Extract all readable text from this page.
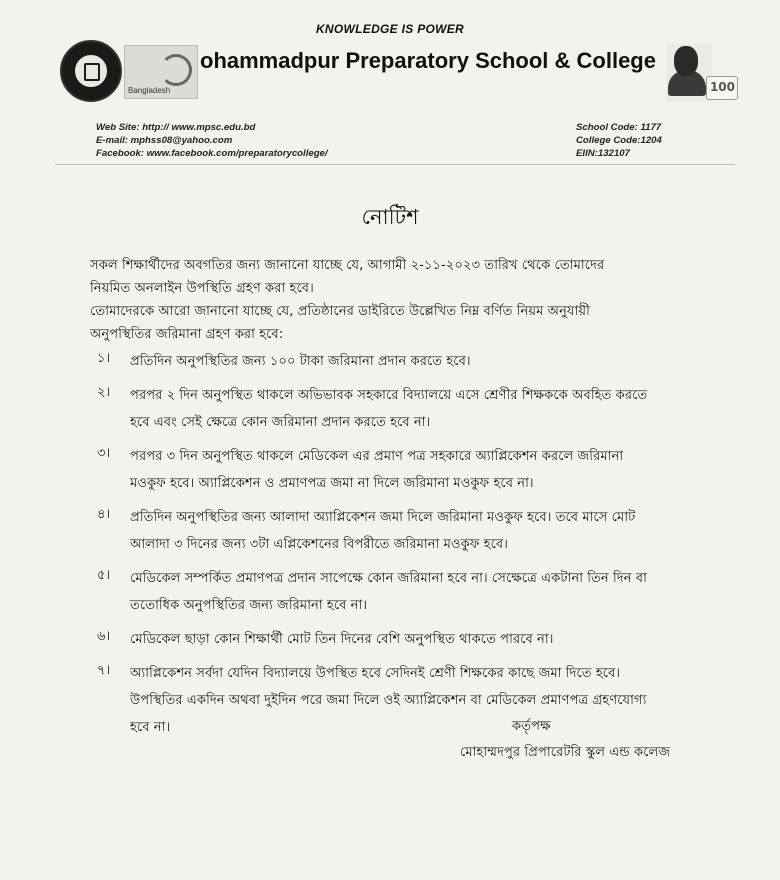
KNOWLEDGE IS POWER
Bangladesh
ohammadpur Preparatory School & College
100
Web Site: http:// www.mpsc.edu.bd
E-mail: mphss08@yahoo.com
Facebook: www.facebook.com/preparatorycollege/
School Code: 1177
College Code:1204
EIIN:132107
নোটিশ
সকল শিক্ষার্থীদের অবগতির জন্য জানানো যাচ্ছে যে, আগামী ২-১১-২০২৩ তারিখ থেকে তোমাদের
নিয়মিত অনলাইন উপস্থিতি গ্রহণ করা হবে।
তোমাদেরকে আরো জানানো যাচ্ছে যে, প্রতিষ্ঠানের ডাইরিতে উল্লেখিত নিম্ন বর্ণিত নিয়ম অনুযায়ী
অনুপস্থিতির জরিমানা গ্রহণ করা হবে:
১। প্রতিদিন অনুপস্থিতির জন্য ১০০ টাকা জরিমানা প্রদান করতে হবে।
২। পরপর ২ দিন অনুপস্থিত থাকলে অভিভাবক সহকারে বিদ্যালয়ে এসে শ্রেণীর শিক্ষককে অবহিত করতে
হবে এবং সেই ক্ষেত্রে কোন জরিমানা প্রদান করতে হবে না।
৩। পরপর ৩ দিন অনুপস্থিত থাকলে মেডিকেল এর প্রমাণ পত্র সহকারে অ্যাপ্লিকেশন করলে জরিমানা
মওকুফ হবে। অ্যাপ্লিকেশন ও প্রমাণপত্র জমা না দিলে জরিমানা মওকুফ হবে না।
৪। প্রতিদিন অনুপস্থিতির জন্য আলাদা অ্যাপ্লিকেশন জমা দিলে জরিমানা মওকুফ হবে। তবে মাসে মোট
আলাদা ৩ দিনের জন্য ৩টা এপ্লিকেশনের বিপরীতে জরিমানা মওকুফ হবে।
৫। মেডিকেল সম্পর্কিত প্রমাণপত্র প্রদান সাপেক্ষে কোন জরিমানা হবে না। সেক্ষেত্রে একটানা তিন দিন বা
ততোধিক অনুপস্থিতির জন্য জরিমানা হবে না।
৬। মেডিকেল ছাড়া কোন শিক্ষার্থী মোট তিন দিনের বেশি অনুপস্থিত থাকতে পারবে না।
৭। অ্যাপ্লিকেশন সর্বদা যেদিন বিদ্যালয়ে উপস্থিত হবে সেদিনই শ্রেণী শিক্ষকের কাছে জমা দিতে হবে।
উপস্থিতির একদিন অথবা দুইদিন পরে জমা দিলে ওই অ্যাপ্লিকেশন বা মেডিকেল প্রমাণপত্র গ্রহণযোগ্য
হবে না।	কর্তৃপক্ষ
মোহাম্মদপুর প্রিপারেটরি স্কুল এন্ড কলেজ
